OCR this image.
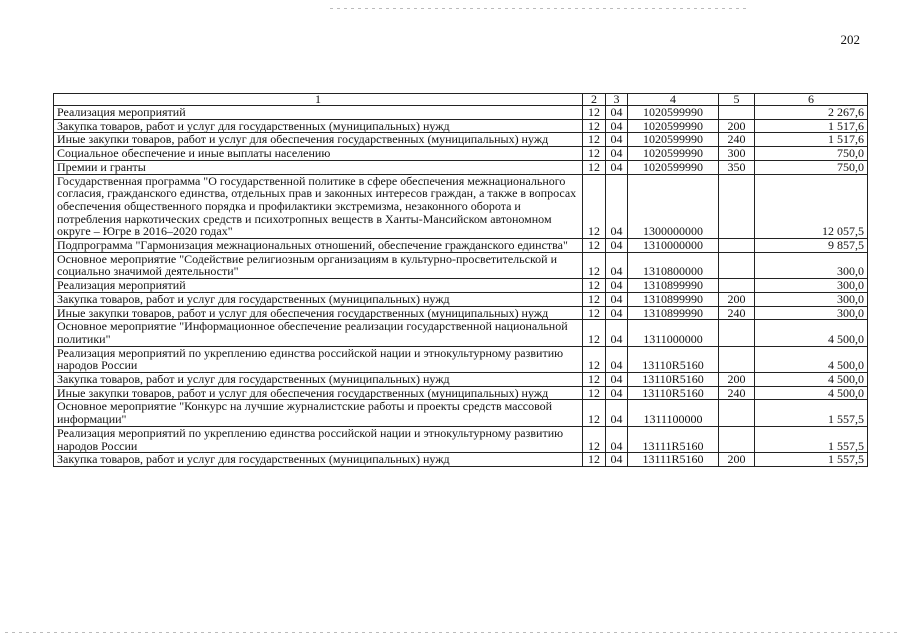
202
1	2	3	4	5	6
Реализация мероприятий	12	04	1020599990		2 267,6
Закупка товаров, работ и услуг для государственных (муниципальных) нужд	12	04	1020599990	200	1 517,6
Иные закупки товаров, работ и услуг для обеспечения государственных (муниципальных) нужд	12	04	1020599990	240	1 517,6
Социальное обеспечение и иные выплаты населению	12	04	1020599990	300	750,0
Премии и гранты	12	04	1020599990	350	750,0
Государственная программа "О государственной политике в сфере обеспечения межнационального согласия, гражданского единства, отдельных прав и законных интересов граждан, а также в вопросах обеспечения общественного порядка и профилактики экстремизма, незаконного оборота и потребления наркотических средств и психотропных веществ в Ханты-Мансийском автономном округе – Югре в 2016–2020 годах"	12	04	1300000000		12 057,5
Подпрограмма "Гармонизация межнациональных отношений, обеспечение гражданского единства"	12	04	1310000000		9 857,5
Основное мероприятие "Содействие религиозным организациям в культурно-просветительской и социально значимой деятельности"	12	04	1310800000		300,0
Реализация мероприятий	12	04	1310899990		300,0
Закупка товаров, работ и услуг для государственных (муниципальных) нужд	12	04	1310899990	200	300,0
Иные закупки товаров, работ и услуг для обеспечения государственных (муниципальных) нужд	12	04	1310899990	240	300,0
Основное мероприятие "Информационное обеспечение реализации государственной национальной политики"	12	04	1311000000		4 500,0
Реализация мероприятий по укреплению единства российской нации и этнокультурному развитию народов России	12	04	13110R5160		4 500,0
Закупка товаров, работ и услуг для государственных (муниципальных) нужд	12	04	13110R5160	200	4 500,0
Иные закупки товаров, работ и услуг для обеспечения государственных (муниципальных) нужд	12	04	13110R5160	240	4 500,0
Основное мероприятие "Конкурс на лучшие журналистские работы и проекты средств массовой информации"	12	04	1311100000		1 557,5
Реализация мероприятий по укреплению единства российской нации и этнокультурному развитию народов России	12	04	13111R5160		1 557,5
Закупка товаров, работ и услуг для государственных (муниципальных) нужд	12	04	13111R5160	200	1 557,5
